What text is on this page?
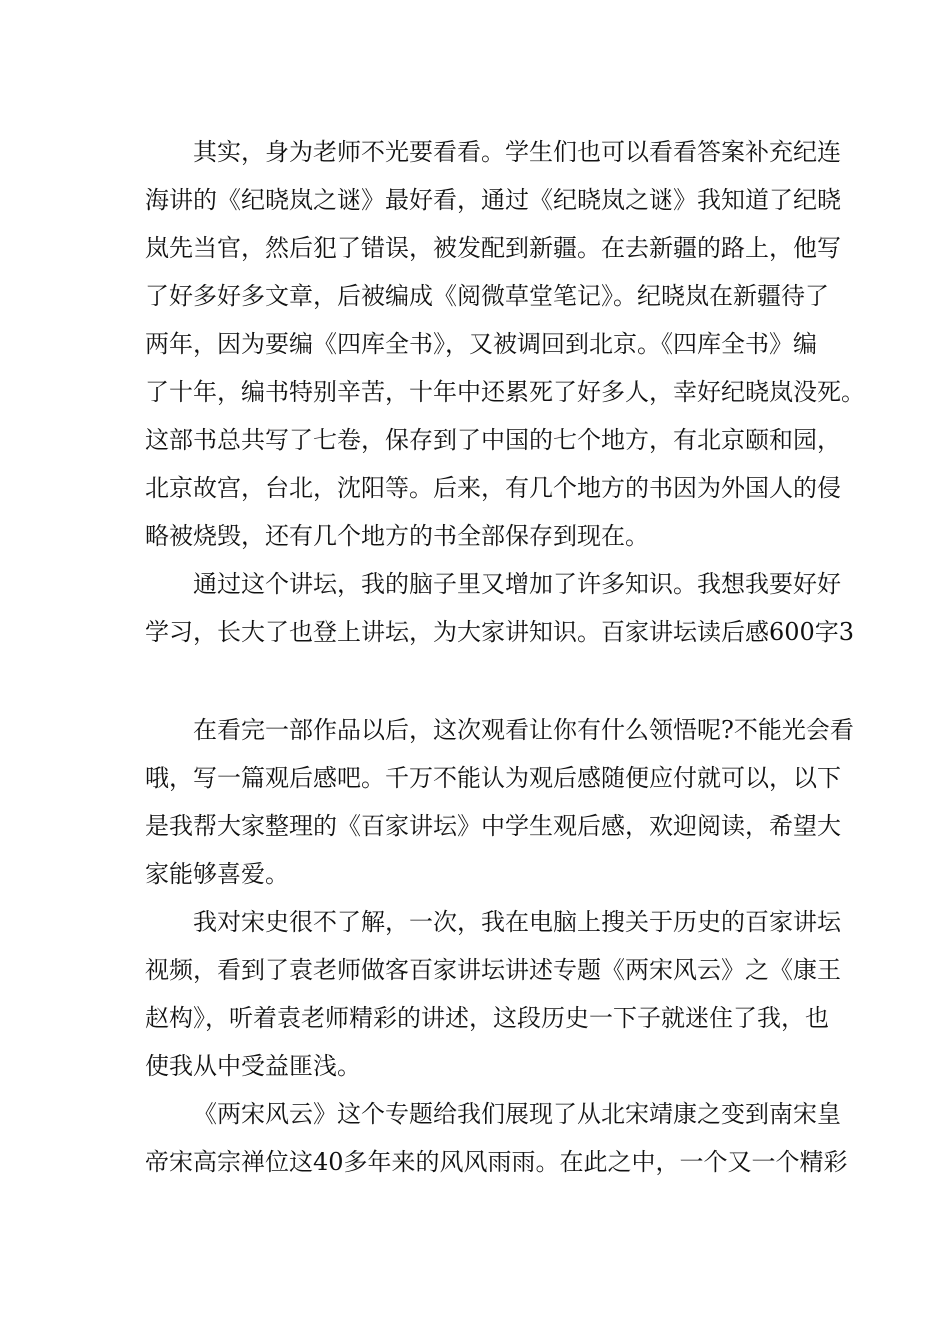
其实，身为老师不光要看看。学生们也可以看看答案补充纪连
海讲的《纪晓岚之谜》最好看，通过《纪晓岚之谜》我知道了纪晓
岚先当官，然后犯了错误，被发配到新疆。在去新疆的路上，他写
了好多好多文章，后被编成《阅微草堂笔记》。纪晓岚在新疆待了
两年，因为要编《四库全书》，又被调回到北京。《四库全书》编
了十年，编书特别辛苦，十年中还累死了好多人，幸好纪晓岚没死。
这部书总共写了七卷，保存到了中国的七个地方，有北京颐和园，
北京故宫，台北，沈阳等。后来，有几个地方的书因为外国人的侵
略被烧毁，还有几个地方的书全部保存到现在。
通过这个讲坛，我的脑子里又增加了许多知识。我想我要好好
学习，长大了也登上讲坛，为大家讲知识。百家讲坛读后感600字3
在看完一部作品以后，这次观看让你有什么领悟呢?不能光会看
哦，写一篇观后感吧。千万不能认为观后感随便应付就可以，以下
是我帮大家整理的《百家讲坛》中学生观后感，欢迎阅读，希望大
家能够喜爱。
我对宋史很不了解，一次，我在电脑上搜关于历史的百家讲坛
视频，看到了袁老师做客百家讲坛讲述专题《两宋风云》之《康王
赵构》，听着袁老师精彩的讲述，这段历史一下子就迷住了我，也
使我从中受益匪浅。
《两宋风云》这个专题给我们展现了从北宋靖康之变到南宋皇
帝宋高宗禅位这40多年来的风风雨雨。在此之中，一个又一个精彩
